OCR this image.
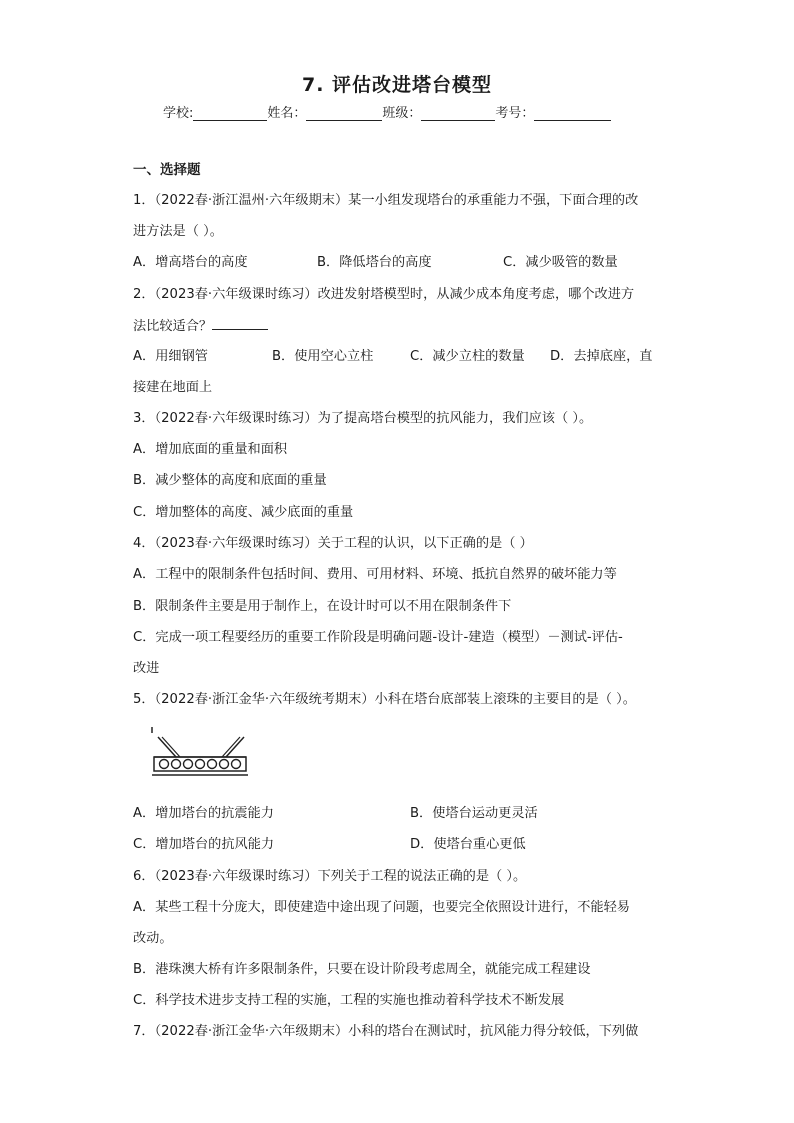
7. 评估改进塔台模型
学校:	姓名：	班级：	考号：
一、选择题
1．（2022春·浙江温州·六年级期末）某一小组发现塔台的承重能力不强，下面合理的改
进方法是（ ）。
A．增高塔台的高度	B．降低塔台的高度	C．减少吸管的数量
2．（2023春·六年级课时练习）改进发射塔模型时，从减少成本角度考虑，哪个改进方
法比较适合？
A．用细钢管	B．使用空心立柱	C．减少立柱的数量 D．去掉底座，直
接建在地面上
3．（2022春·六年级课时练习）为了提高塔台模型的抗风能力，我们应该（ ）。
A．增加底面的重量和面积
B．减少整体的高度和底面的重量
C．增加整体的高度、减少底面的重量
4．（2023春·六年级课时练习）关于工程的认识，以下正确的是（ ）
A．工程中的限制条件包括时间、费用、可用材料、环境、抵抗自然界的破坏能力等
B．限制条件主要是用于制作上，在设计时可以不用在限制条件下
C．完成一项工程要经历的重要工作阶段是明确问题-设计-建造（模型）－测试-评估-
改进
5．（2022春·浙江金华·六年级统考期末）小科在塔台底部装上滚珠的主要目的是（ ）。
A．增加塔台的抗震能力	B．使塔台运动更灵活
C．增加塔台的抗风能力	D．使塔台重心更低
6．（2023春·六年级课时练习）下列关于工程的说法正确的是（ ）。
A．某些工程十分庞大，即使建造中途出现了问题，也要完全依照设计进行，不能轻易
改动。
B．港珠澳大桥有许多限制条件，只要在设计阶段考虑周全，就能完成工程建设
C．科学技术进步支持工程的实施，工程的实施也推动着科学技术不断发展
7．（2022春·浙江金华·六年级期末）小科的塔台在测试时，抗风能力得分较低，下列做
